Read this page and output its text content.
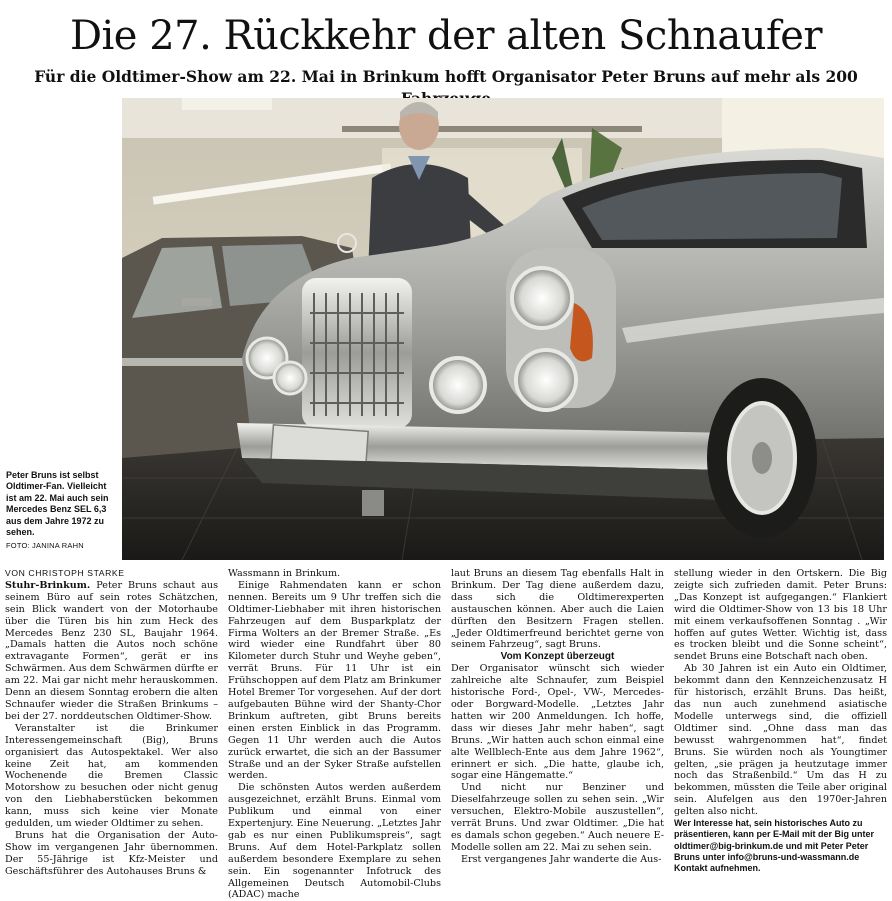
Die 27. Rückkehr der alten Schnaufer
Für die Oldtimer-Show am 22. Mai in Brinkum hofft Organisator Peter Bruns auf mehr als 200
Peter Bruns ist selbst Oldtimer-Fan. Vielleicht ist am 22. Mai auch sein Mercedes Benz SEL 6,3 aus dem Jahre 1972 zu sehen.
FOTO: JANINA RAHN

VON CHRISTOPH STARKE

Stuhr-Brinkum. Peter Bruns schaut aus seinem Büro auf sein rotes Schätzchen, sein Blick wandert von der Motorhaube über die Türen bis hin zum Heck des Mercedes Benz 230 SL, Baujahr 1964. „Damals hatten die Autos noch schöne extravagante Formen“, gerät er ins Schwärmen. Aus dem Schwärmen dürfte er am 22. Mai gar nicht mehr herauskommen. Denn an diesem Sonntag erobern die alten Schnaufer wieder die Straßen Brinkums – bei der 27. norddeutschen Oldtimer-Show.

Veranstalter ist die Brinkumer Interessengemeinschaft (Big), Bruns organisiert das Autospektakel. Wer also keine Zeit hat, am kommenden Wochenende die Bremen Classic Motorshow zu besuchen oder nicht genug von den Liebhaberstücken bekommen kann, muss sich keine vier Monate gedulden, um wieder Oldtimer zu sehen.

Bruns hat die Organisation der Auto-Show im vergangenen Jahr übernommen. Der 55-Jährige ist Kfz-Meister und Geschäftsführer des Autohauses Bruns &

Wassmann in Brinkum.

Einige Rahmendaten kann er schon nennen. Bereits um 9 Uhr treffen sich die Oldtimer-Liebhaber mit ihren historischen Fahrzeugen auf dem Busparkplatz der Firma Wolters an der Bremer Straße. „Es wird wieder eine Rundfahrt über 80 Kilometer durch Stuhr und Weyhe geben“, verrät Bruns. Für 11 Uhr ist ein Frühschoppen auf dem Platz am Brinkumer Hotel Bremer Tor vorgesehen. Auf der dort aufgebauten Bühne wird der Shanty-Chor Brinkum auftreten, gibt Bruns bereits einen ersten Einblick in das Programm. Gegen 11 Uhr werden auch die Autos zurück erwartet, die sich an der Bassumer Straße und an der Syker Straße aufstellen werden.

Die schönsten Autos werden außerdem ausgezeichnet, erzählt Bruns. Einmal vom Publikum und einmal von einer Expertenjury. Eine Neuerung. „Letztes Jahr gab es nur einen Publikumspreis“, sagt Bruns. Auf dem Hotel-Parkplatz sollen außerdem besondere Exemplare zu sehen sein. Ein sogenannter Infotruck des Allgemeinen Deutsch Automobil-Clubs (ADAC) mache

laut Bruns an diesem Tag ebenfalls Halt in Brinkum. Der Tag diene außerdem dazu, dass sich die Oldtimerexperten austauschen können. Aber auch die Laien dürften den Besitzern Fragen stellen. „Jeder Oldtimerfreund berichtet gerne von seinem Fahrzeug“, sagt Bruns.

Vom Konzept überzeugt

Der Organisator wünscht sich wieder zahlreiche alte Schnaufer, zum Beispiel historische Ford-, Opel-, VW-, Mercedes- oder Borgward-Modelle. „Letztes Jahr hatten wir 200 Anmeldungen. Ich hoffe, dass wir dieses Jahr mehr haben“, sagt Bruns. „Wir hatten auch schon einmal eine alte Wellblech-Ente aus dem Jahre 1962“, erinnert er sich. „Die hatte, glaube ich, sogar eine Hängematte.“

Und nicht nur Benziner und Dieselfahrzeuge sollen zu sehen sein. „Wir versuchen, Elektro-Mobile auszustellen“, verrät Bruns. Und zwar Oldtimer. „Die hat es damals schon gegeben.“ Auch neuere E-Modelle sollen am 22. Mai zu sehen sein.

Erst vergangenes Jahr wanderte die Aus-

stellung wieder in den Ortskern. Die Big zeigte sich zufrieden damit. Peter Bruns: „Das Konzept ist aufgegangen.“ Flankiert wird die Oldtimer-Show von 13 bis 18 Uhr mit einem verkaufsoffenen Sonntag . „Wir hoffen auf gutes Wetter. Wichtig ist, dass es trocken bleibt und die Sonne scheint“, sendet Bruns eine Botschaft nach oben.

Ab 30 Jahren ist ein Auto ein Oldtimer, bekommt dann den Kennzeichenzusatz H für historisch, erzählt Bruns. Das heißt, das nun auch zunehmend asiatische Modelle unterwegs sind, die offiziell Oldtimer sind. „Ohne dass man das bewusst wahrgenommen hat“, findet Bruns. Sie würden noch als Youngtimer gelten, „sie prägen ja heutzutage immer noch das Straßenbild.“ Um das H zu bekommen, müssten die Teile aber original sein. Alufelgen aus den 1970er-Jahren gelten also nicht.

Wer Interesse hat, sein historisches Auto zu präsentieren, kann per E-Mail mit der Big unter oldtimer@big-brinkum.de und mit Peter Peter Bruns unter info@bruns-und-wassmann.de Kontakt aufnehmen.
